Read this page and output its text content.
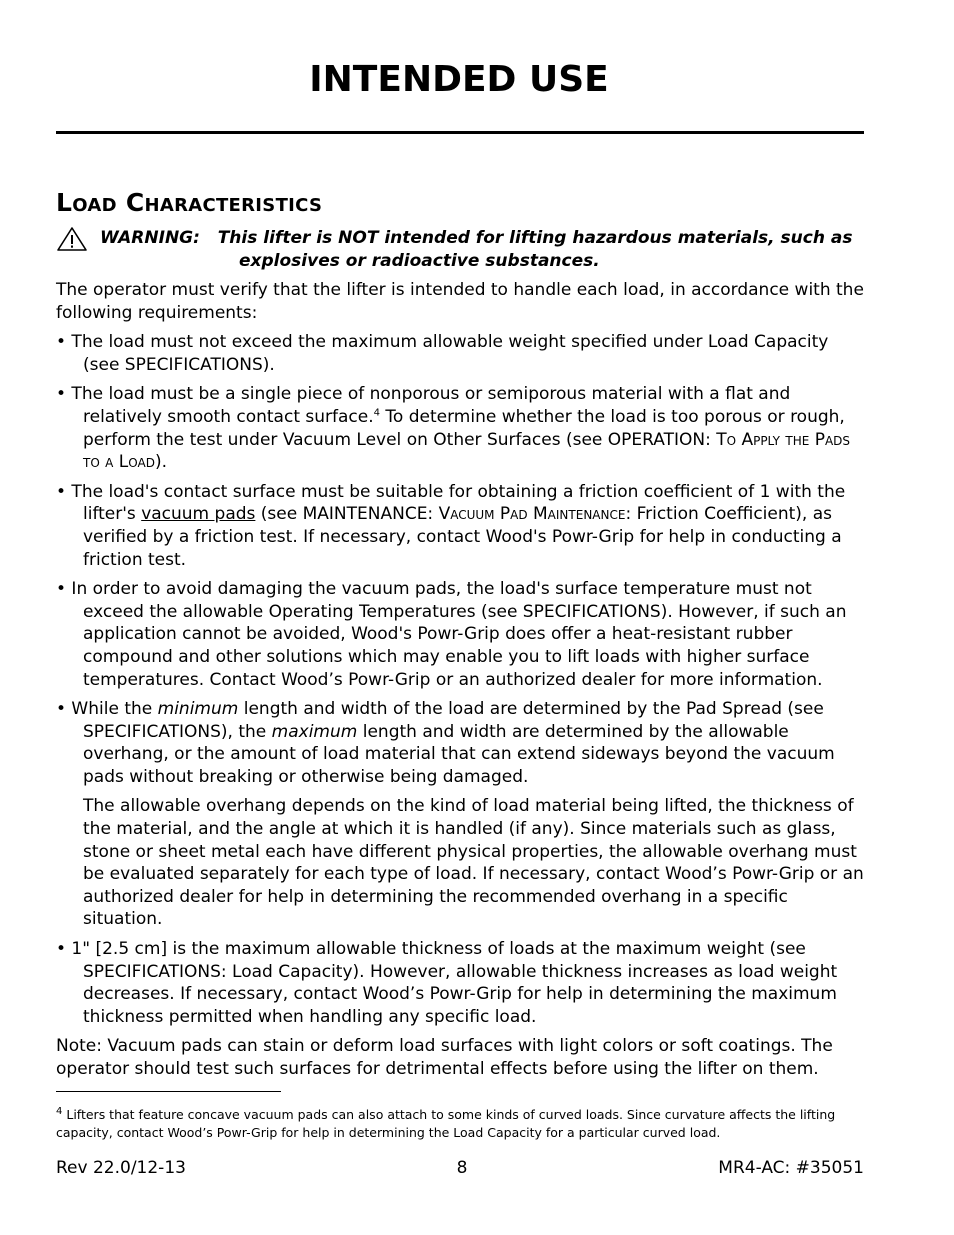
INTENDED USE
Load Characteristics
WARNING: This lifter is NOT intended for lifting hazardous materials, such as
explosives or radioactive substances.

The operator must verify that the lifter is intended to handle each load, in accordance with the following requirements:

• The load must not exceed the maximum allowable weight specified under Load Capacity (see SPECIFICATIONS).

• The load must be a single piece of nonporous or semiporous material with a flat and relatively smooth contact surface.$^4$ To determine whether the load is too porous or rough, perform the test under Vacuum Level on Other Surfaces (see OPERATION: To Apply the Pads to a Load).

• The load's contact surface must be suitable for obtaining a friction coefficient of 1 with the lifter's vacuum pads (see MAINTENANCE: Vacuum Pad Maintenance: Friction Coefficient), as verified by a friction test. If necessary, contact Wood's Powr-Grip for help in conducting a friction test.

• In order to avoid damaging the vacuum pads, the load's surface temperature must not exceed the allowable Operating Temperatures (see SPECIFICATIONS). However, if such an application cannot be avoided, Wood's Powr-Grip does offer a heat-resistant rubber compound and other solutions which may enable you to lift loads with higher surface temperatures. Contact Wood’s Powr-Grip or an authorized dealer for more information.

• While the minimum length and width of the load are determined by the Pad Spread (see SPECIFICATIONS), the maximum length and width are determined by the allowable overhang, or the amount of load material that can extend sideways beyond the vacuum pads without breaking or otherwise being damaged.

The allowable overhang depends on the kind of load material being lifted, the thickness of the material, and the angle at which it is handled (if any). Since materials such as glass, stone or sheet metal each have different physical properties, the allowable overhang must be evaluated separately for each type of load. If necessary, contact Wood’s Powr-Grip or an authorized dealer for help in determining the recommended overhang in a specific situation.

• 1" [2.5 cm] is the maximum allowable thickness of loads at the maximum weight (see SPECIFICATIONS: Load Capacity). However, allowable thickness increases as load weight decreases. If necessary, contact Wood’s Powr-Grip for help in determining the maximum thickness permitted when handling any specific load.

Note: Vacuum pads can stain or deform load surfaces with light colors or soft coatings. The operator should test such surfaces for detrimental effects before using the lifter on them.

$^4$ Lifters that feature concave vacuum pads can also attach to some kinds of curved loads. Since curvature affects the lifting capacity, contact Wood’s Powr-Grip for help in determining the Load Capacity for a particular curved load.
Rev 22.0/12-13	8	MR4-AC: #35051
